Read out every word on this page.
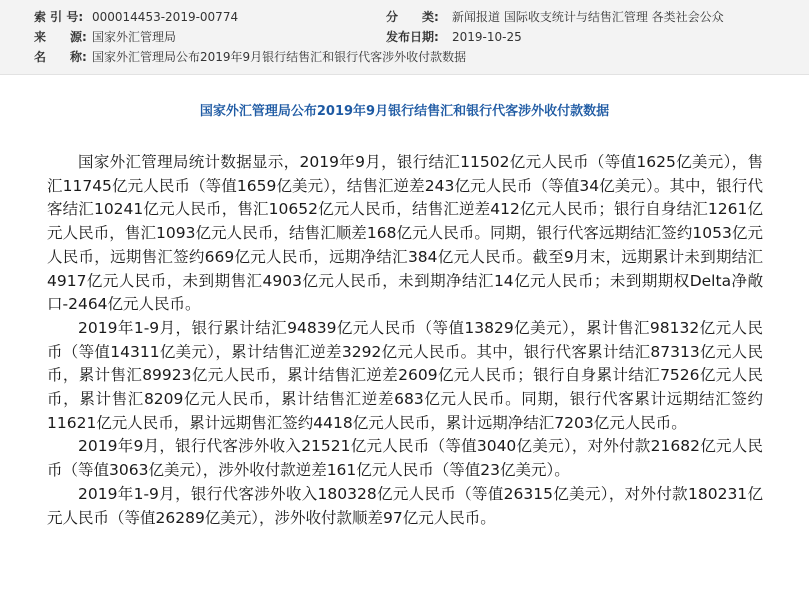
索 引 号: 000014453-2019-00774	分　　类: 新闻报道 国际收支统计与结售汇管理 各类社会公众
来　　源: 国家外汇管理局	发布日期: 2019-10-25
名　　称: 国家外汇管理局公布2019年9月银行结售汇和银行代客涉外收付款数据
国家外汇管理局公布2019年9月银行结售汇和银行代客涉外收付款数据

国家外汇管理局统计数据显示，2019年9月，银行结汇11502亿元人民币（等值1625亿美元），售汇11745亿元人民币（等值1659亿美元），结售汇逆差243亿元人民币（等值34亿美元）。其中，银行代客结汇10241亿元人民币，售汇10652亿元人民币，结售汇逆差412亿元人民币；银行自身结汇1261亿元人民币，售汇1093亿元人民币，结售汇顺差168亿元人民币。同期，银行代客远期结汇签约1053亿元人民币，远期售汇签约669亿元人民币，远期净结汇384亿元人民币。截至9月末，远期累计未到期结汇4917亿元人民币，未到期售汇4903亿元人民币，未到期净结汇14亿元人民币；未到期期权Delta净敞口-2464亿元人民币。

2019年1-9月，银行累计结汇94839亿元人民币（等值13829亿美元），累计售汇98132亿元人民币（等值14311亿美元），累计结售汇逆差3292亿元人民币。其中，银行代客累计结汇87313亿元人民币，累计售汇89923亿元人民币，累计结售汇逆差2609亿元人民币；银行自身累计结汇7526亿元人民币，累计售汇8209亿元人民币，累计结售汇逆差683亿元人民币。同期，银行代客累计远期结汇签约11621亿元人民币，累计远期售汇签约4418亿元人民币，累计远期净结汇7203亿元人民币。

2019年9月，银行代客涉外收入21521亿元人民币（等值3040亿美元），对外付款21682亿元人民币（等值3063亿美元），涉外收付款逆差161亿元人民币（等值23亿美元）。

2019年1-9月，银行代客涉外收入180328亿元人民币（等值26315亿美元），对外付款180231亿元人民币（等值26289亿美元），涉外收付款顺差97亿元人民币。
